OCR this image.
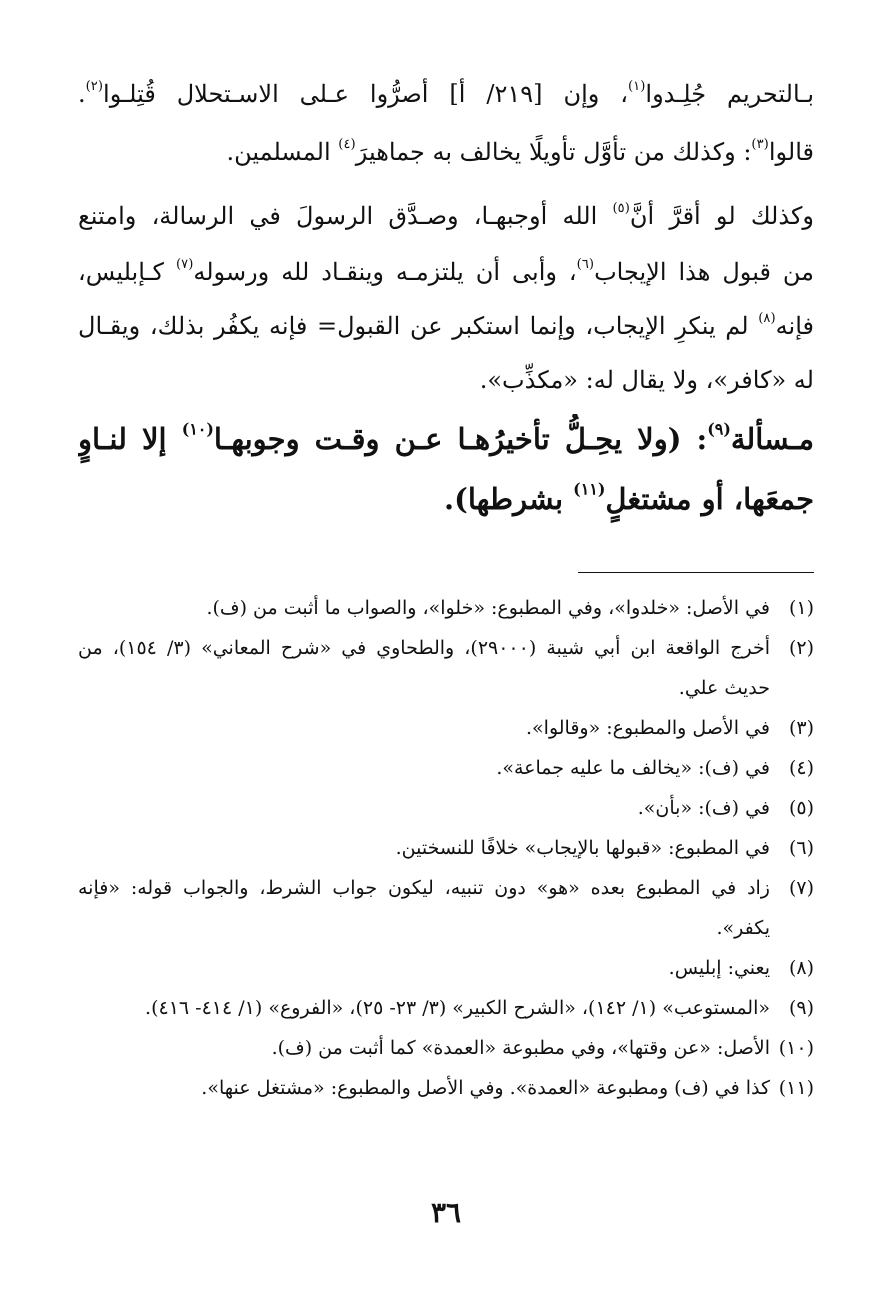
بـالتحريم جُلِـدوا$^{(١)}$، وإن [٢١٩/ أ] أصرُّوا عـلى الاسـتحلال قُتِلـوا$^{(٢)}$.

قالوا$^{(٣)}$: وكذلك من تأوَّل تأويلًا يخالف به جماهيرَ$^{(٤)}$ المسلمين.

وكذلك لو أقرَّ أنَّ$^{(٥)}$ الله أوجبهـا، وصـدَّق الرسولَ في الرسالة، وامتنع

من قبول هذا الإيجاب$^{(٦)}$، وأبى أن يلتزمـه وينقـاد لله ورسوله$^{(٧)}$ كـإبليس،

فإنه$^{(٨)}$ لم ينكرِ الإيجاب، وإنما استكبر عن القبول= فإنه يكفُر بذلك، ويقـال

له «كافر»، ولا يقال له: «مكذِّب».

مـسألة$^{(٩)}$: (ولا يحِـلُّ تأخيرُهـا عـن وقـت وجوبهـا$^{(١٠)}$ إلا لنـاوٍ

جمعَها، أو مشتغلٍ$^{(١١)}$ بشرطها).

(١)
في الأصل: «خلدوا»، وفي المطبوع: «خلوا»، والصواب ما أثبت من (ف).
(٢)
أخرج الواقعة ابن أبي شيبة (٢٩٠٠٠)، والطحاوي في «شرح المعاني» (٣/ ١٥٤)، من حديث علي.
(٣)
في الأصل والمطبوع: «وقالوا».
(٤)
في (ف): «يخالف ما عليه جماعة».
(٥)
في (ف): «بأن».
(٦)
في المطبوع: «قبولها بالإيجاب» خلافًا للنسختين.
(٧)
زاد في المطبوع بعده «هو» دون تنبيه، ليكون جواب الشرط، والجواب قوله: «فإنه يكفر».
(٨)
يعني: إبليس.
(٩)
«المستوعب» (١/ ١٤٢)، «الشرح الكبير» (٣/ ٢٣- ٢٥)، «الفروع» (١/ ٤١٤- ٤١٦).
(١٠)
الأصل: «عن وقتها»، وفي مطبوعة «العمدة» كما أثبت من (ف).
(١١)
كذا في (ف) ومطبوعة «العمدة». وفي الأصل والمطبوع: «مشتغل عنها».
٣٦
